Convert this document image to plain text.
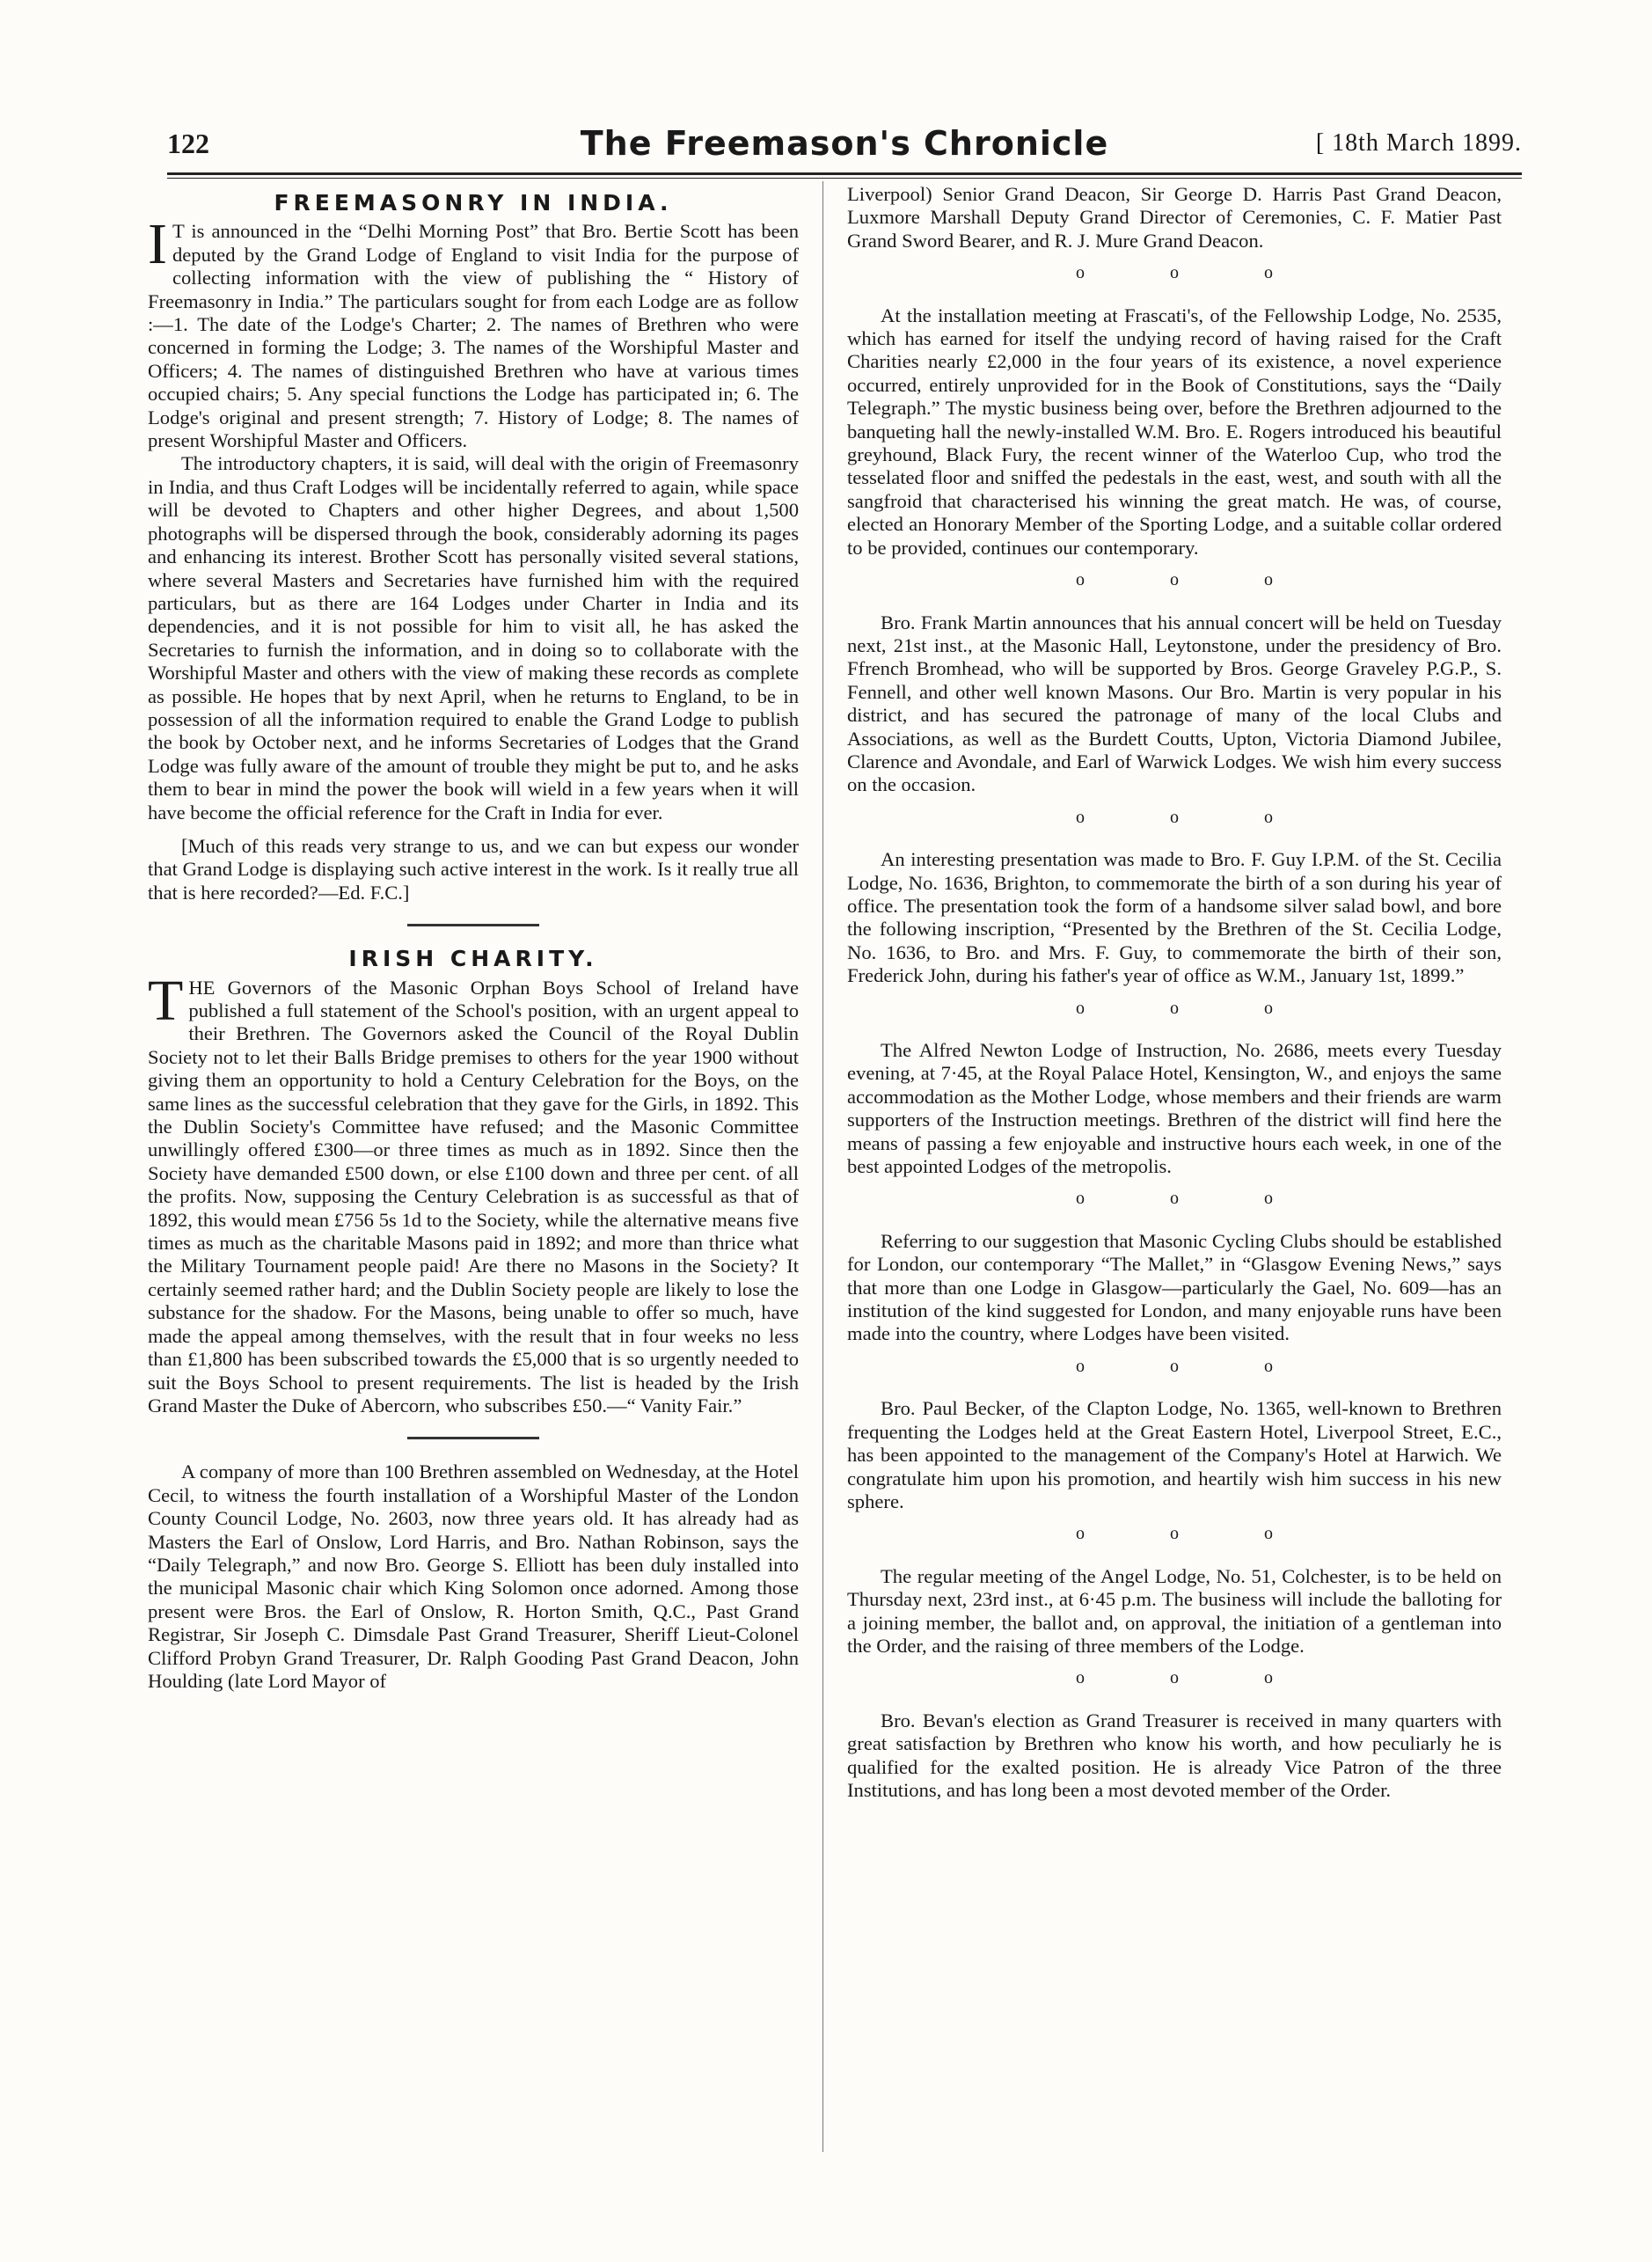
122	The Freemason's Chronicle	[ 18th March 1899.
FREEMASONRY IN INDIA.

I T is announced in the “Delhi Morning Post” that Bro. Bertie Scott has been deputed by the Grand Lodge of England to visit India for the purpose of collecting information with the view of publishing the “ History of Freemasonry in India.” The particulars sought for from each Lodge are as follow :—1. The date of the Lodge's Charter; 2. The names of Brethren who were concerned in forming the Lodge; 3. The names of the Worshipful Master and Officers; 4. The names of distinguished Brethren who have at various times occupied chairs; 5. Any special functions the Lodge has participated in; 6. The Lodge's original and present strength; 7. History of Lodge; 8. The names of present Worshipful Master and Officers.

The introductory chapters, it is said, will deal with the origin of Freemasonry in India, and thus Craft Lodges will be incidentally referred to again, while space will be devoted to Chapters and other higher Degrees, and about 1,500 photographs will be dispersed through the book, considerably adorning its pages and enhancing its interest. Brother Scott has personally visited several stations, where several Masters and Secretaries have furnished him with the required particulars, but as there are 164 Lodges under Charter in India and its dependencies, and it is not possible for him to visit all, he has asked the Secretaries to furnish the information, and in doing so to collaborate with the Worshipful Master and others with the view of making these records as complete as possible. He hopes that by next April, when he returns to England, to be in possession of all the information required to enable the Grand Lodge to publish the book by October next, and he informs Secretaries of Lodges that the Grand Lodge was fully aware of the amount of trouble they might be put to, and he asks them to bear in mind the power the book will wield in a few years when it will have become the official reference for the Craft in India for ever.

[Much of this reads very strange to us, and we can but expess our wonder that Grand Lodge is displaying such active interest in the work. Is it really true all that is here recorded?—Ed. F.C.]

IRISH CHARITY.

THE Governors of the Masonic Orphan Boys School of Ireland have published a full statement of the School's position, with an urgent appeal to their Brethren. The Governors asked the Council of the Royal Dublin Society not to let their Balls Bridge premises to others for the year 1900 without giving them an opportunity to hold a Century Celebration for the Boys, on the same lines as the successful celebration that they gave for the Girls, in 1892. This the Dublin Society's Committee have refused; and the Masonic Committee unwillingly offered £300—or three times as much as in 1892. Since then the Society have demanded £500 down, or else £100 down and three per cent. of all the profits. Now, supposing the Century Celebration is as successful as that of 1892, this would mean £756 5s 1d to the Society, while the alternative means five times as much as the charitable Masons paid in 1892; and more than thrice what the Military Tournament people paid! Are there no Masons in the Society? It certainly seemed rather hard; and the Dublin Society people are likely to lose the substance for the shadow. For the Masons, being unable to offer so much, have made the appeal among themselves, with the result that in four weeks no less than £1,800 has been subscribed towards the £5,000 that is so urgently needed to suit the Boys School to present requirements. The list is headed by the Irish Grand Master the Duke of Abercorn, who subscribes £50.—“ Vanity Fair.”

A company of more than 100 Brethren assembled on Wednesday, at the Hotel Cecil, to witness the fourth installation of a Worshipful Master of the London County Council Lodge, No. 2603, now three years old. It has already had as Masters the Earl of Onslow, Lord Harris, and Bro. Nathan Robinson, says the “Daily Telegraph,” and now Bro. George S. Elliott has been duly installed into the municipal Masonic chair which King Solomon once adorned. Among those present were Bros. the Earl of Onslow, R. Horton Smith, Q.C., Past Grand Registrar, Sir Joseph C. Dimsdale Past Grand Treasurer, Sheriff Lieut-Colonel Clifford Probyn Grand Treasurer, Dr. Ralph Gooding Past Grand Deacon, John Houlding (late Lord Mayor of

Liverpool) Senior Grand Deacon, Sir George D. Harris Past Grand Deacon, Luxmore Marshall Deputy Grand Director of Ceremonies, C. F. Matier Past Grand Sword Bearer, and R. J. Mure Grand Deacon.

o o o

At the installation meeting at Frascati's, of the Fellowship Lodge, No. 2535, which has earned for itself the undying record of having raised for the Craft Charities nearly £2,000 in the four years of its existence, a novel experience occurred, entirely unprovided for in the Book of Constitutions, says the “Daily Telegraph.” The mystic business being over, before the Brethren adjourned to the banqueting hall the newly-installed W.M. Bro. E. Rogers introduced his beautiful greyhound, Black Fury, the recent winner of the Waterloo Cup, who trod the tesselated floor and sniffed the pedestals in the east, west, and south with all the sangfroid that characterised his winning the great match. He was, of course, elected an Honorary Member of the Sporting Lodge, and a suitable collar ordered to be provided, continues our contemporary.

o o o

Bro. Frank Martin announces that his annual concert will be held on Tuesday next, 21st inst., at the Masonic Hall, Leytonstone, under the presidency of Bro. Ffrench Bromhead, who will be supported by Bros. George Graveley P.G.P., S. Fennell, and other well known Masons. Our Bro. Martin is very popular in his district, and has secured the patronage of many of the local Clubs and Associations, as well as the Burdett Coutts, Upton, Victoria Diamond Jubilee, Clarence and Avondale, and Earl of Warwick Lodges. We wish him every success on the occasion.

o o o

An interesting presentation was made to Bro. F. Guy I.P.M. of the St. Cecilia Lodge, No. 1636, Brighton, to commemorate the birth of a son during his year of office. The presentation took the form of a handsome silver salad bowl, and bore the following inscription, “Presented by the Brethren of the St. Cecilia Lodge, No. 1636, to Bro. and Mrs. F. Guy, to commemorate the birth of their son, Frederick John, during his father's year of office as W.M., January 1st, 1899.”

o o o

The Alfred Newton Lodge of Instruction, No. 2686, meets every Tuesday evening, at 7·45, at the Royal Palace Hotel, Kensington, W., and enjoys the same accommodation as the Mother Lodge, whose members and their friends are warm supporters of the Instruction meetings. Brethren of the district will find here the means of passing a few enjoyable and instructive hours each week, in one of the best appointed Lodges of the metropolis.

o o o

Referring to our suggestion that Masonic Cycling Clubs should be established for London, our contemporary “The Mallet,” in “Glasgow Evening News,” says that more than one Lodge in Glasgow—particularly the Gael, No. 609—has an institution of the kind suggested for London, and many enjoyable runs have been made into the country, where Lodges have been visited.

o o o

Bro. Paul Becker, of the Clapton Lodge, No. 1365, well-known to Brethren frequenting the Lodges held at the Great Eastern Hotel, Liverpool Street, E.C., has been appointed to the management of the Company's Hotel at Harwich. We congratulate him upon his promotion, and heartily wish him success in his new sphere.

o o o

The regular meeting of the Angel Lodge, No. 51, Colchester, is to be held on Thursday next, 23rd inst., at 6·45 p.m. The business will include the balloting for a joining member, the ballot and, on approval, the initiation of a gentleman into the Order, and the raising of three members of the Lodge.

o o o

Bro. Bevan's election as Grand Treasurer is received in many quarters with great satisfaction by Brethren who know his worth, and how peculiarly he is qualified for the exalted position. He is already Vice Patron of the three Institutions, and has long been a most devoted member of the Order.
